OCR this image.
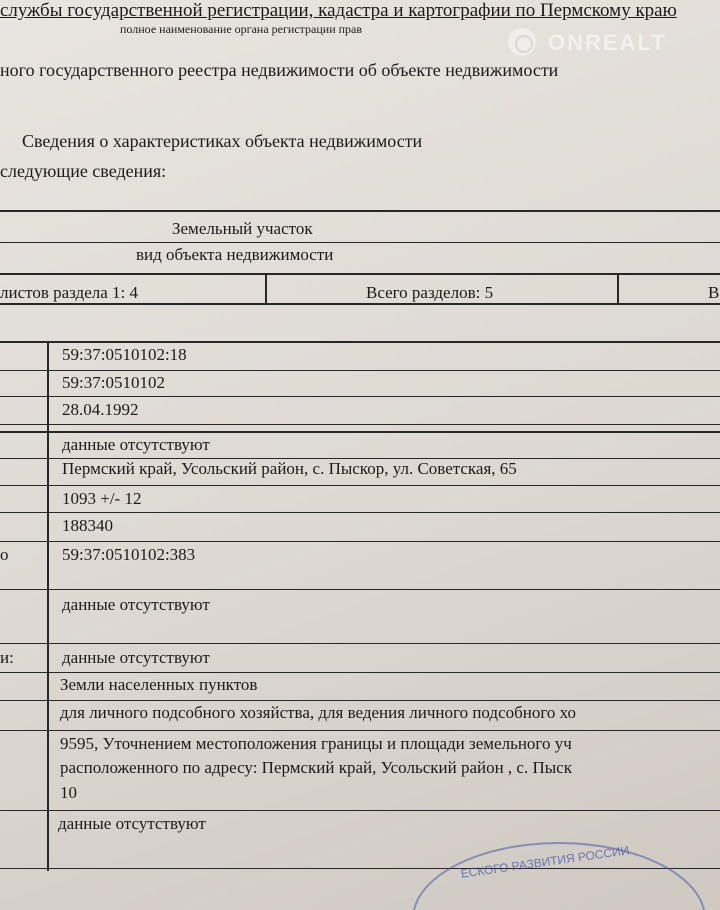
службы государственной регистрации, кадастра и картографии по Пермскому краю
полное наименование органа регистрации прав
ONREALT
ного государственного реестра недвижимости об объекте недвижимости
Сведения о характеристиках объекта недвижимости
следующие сведения:
Земельный участок
вид объекта недвижимости
листов раздела 1: 4	Всего разделов: 5	В
59:37:0510102:18
59:37:0510102
28.04.1992
данные отсутствуют
Пермский край, Усольский район, с. Пыскор, ул. Советская, 65
1093 +/- 12
188340
о	59:37:0510102:383
данные отсутствуют
и:	данные отсутствуют
Земли населенных пунктов
для личного подсобного хозяйства, для ведения личного подсобного хо
9595, Уточнением местоположения границы и площади земельного уч
расположенного по адресу: Пермский край, Усольский район , с. Пыск
10
данные отсутствуют
ЕСКОГО РАЗВИТИЯ РОССИИ
